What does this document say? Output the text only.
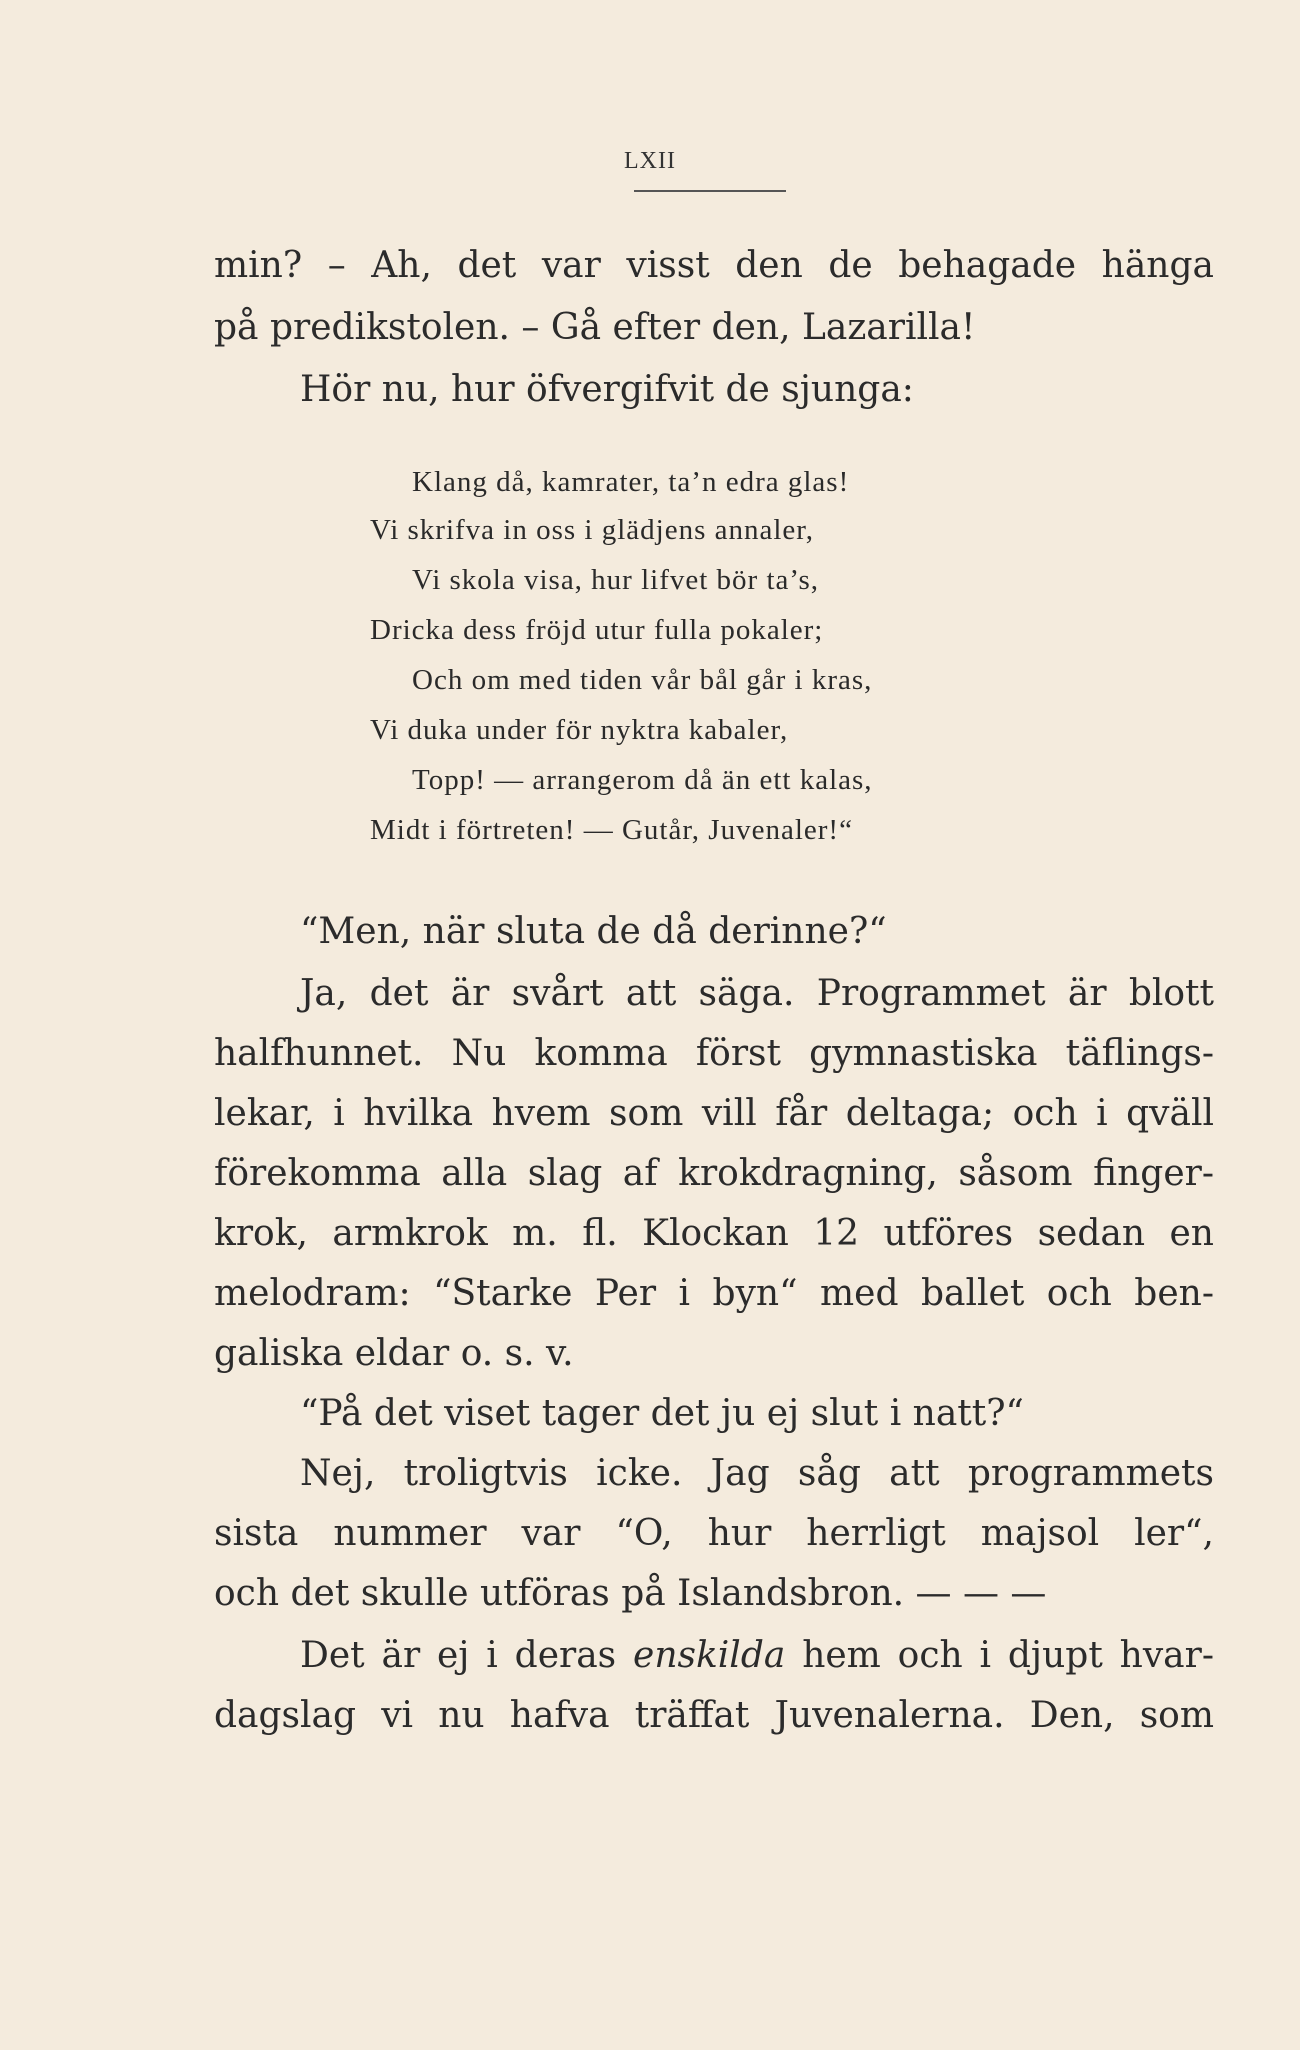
LXII
min? – Ah, det var visst den de behagade hänga
på predikstolen. – Gå efter den, Lazarilla!
Hör nu, hur öfvergifvit de sjunga:
Klang då, kamrater, ta’n edra glas!
Vi skrifva in oss i glädjens annaler,
Vi skola visa, hur lifvet bör ta’s,
Dricka dess fröjd utur fulla pokaler;
Och om med tiden vår bål går i kras,
Vi duka under för nyktra kabaler,
Topp! — arrangerom då än ett kalas,
Midt i förtreten! — Gutår, Juvenaler!“
“Men, när sluta de då derinne?“
Ja, det är svårt att säga. Programmet är blott
halfhunnet. Nu komma först gymnastiska täflings-
lekar, i hvilka hvem som vill får deltaga; och i qväll
förekomma alla slag af krokdragning, såsom finger-
krok, armkrok m. fl. Klockan 12 utföres sedan en
melodram: “Starke Per i byn“ med ballet och ben-
galiska eldar o. s. v.
“På det viset tager det ju ej slut i natt?“
Nej, troligtvis icke. Jag såg att programmets
sista nummer var “O, hur herrligt majsol ler“,
och det skulle utföras på Islandsbron. — — —
Det är ej i deras enskilda hem och i djupt hvar-
dagslag vi nu hafva träffat Juvenalerna. Den, som
